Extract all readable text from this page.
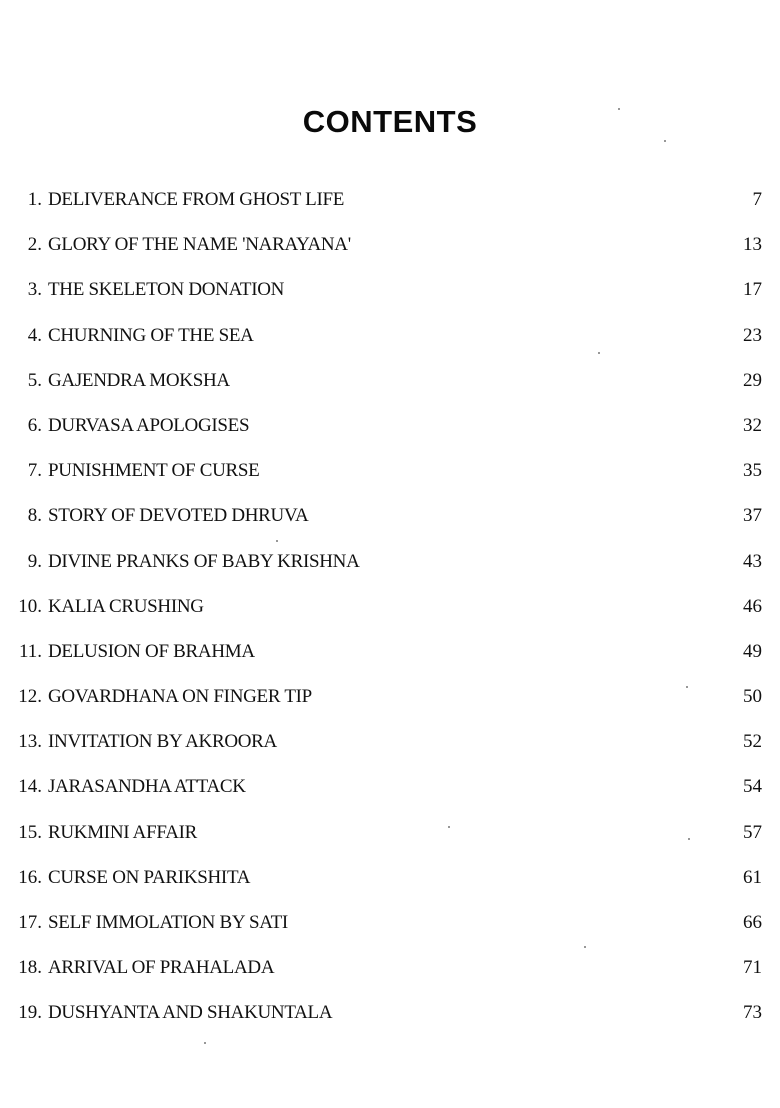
CONTENTS
1. DELIVERANCE FROM GHOST LIFE	7
2. GLORY OF THE NAME 'NARAYANA'	13
3. THE SKELETON DONATION	17
4. CHURNING OF THE SEA	23
5. GAJENDRA MOKSHA	29
6. DURVASA APOLOGISES	32
7. PUNISHMENT OF CURSE	35
8. STORY OF DEVOTED DHRUVA	37
9. DIVINE PRANKS OF BABY KRISHNA	43
10. KALIA CRUSHING	46
11. DELUSION OF BRAHMA	49
12. GOVARDHANA ON FINGER TIP	50
13. INVITATION BY AKROORA	52
14. JARASANDHA ATTACK	54
15. RUKMINI AFFAIR	57
16. CURSE ON PARIKSHITA	61
17. SELF IMMOLATION BY SATI	66
18. ARRIVAL OF PRAHALADA	71
19. DUSHYANTA AND SHAKUNTALA	73
